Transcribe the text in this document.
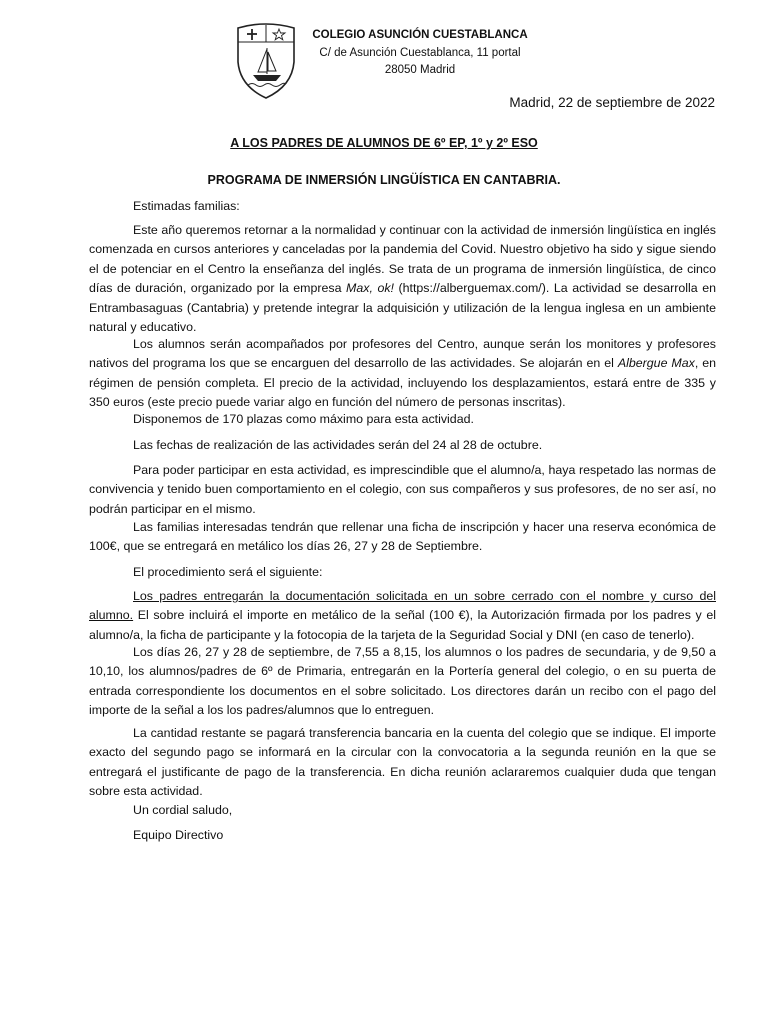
COLEGIO ASUNCIÓN CUESTABLANCA
C/ de Asunción Cuestablanca, 11 portal
28050 Madrid
Madrid, 22 de septiembre de 2022
A LOS PADRES DE ALUMNOS DE 6º EP, 1º y 2º ESO
PROGRAMA DE INMERSIÓN LINGÜÍSTICA EN CANTABRIA.

Estimadas familias:

Este año queremos retornar a la normalidad y continuar con la actividad de inmersión lingüística en inglés comenzada en cursos anteriores y canceladas por la pandemia del Covid. Nuestro objetivo ha sido y sigue siendo el de potenciar en el Centro la enseñanza del inglés. Se trata de un programa de inmersión lingüística, de cinco días de duración, organizado por la empresa Max, ok! (https://alberguemax.com/). La actividad se desarrolla en Entrambasaguas (Cantabria) y pretende integrar la adquisición y utilización de la lengua inglesa en un ambiente natural y educativo.

Los alumnos serán acompañados por profesores del Centro, aunque serán los monitores y profesores nativos del programa los que se encarguen del desarrollo de las actividades. Se alojarán en el Albergue Max, en régimen de pensión completa. El precio de la actividad, incluyendo los desplazamientos, estará entre de 335 y 350 euros (este precio puede variar algo en función del número de personas inscritas).

Disponemos de 170 plazas como máximo para esta actividad.

Las fechas de realización de las actividades serán del 24 al 28 de octubre.

Para poder participar en esta actividad, es imprescindible que el alumno/a, haya respetado las normas de convivencia y tenido buen comportamiento en el colegio, con sus compañeros y sus profesores, de no ser así, no podrán participar en el mismo.

Las familias interesadas tendrán que rellenar una ficha de inscripción y hacer una reserva económica de 100€, que se entregará en metálico los días 26, 27 y 28 de Septiembre.

El procedimiento será el siguiente:

Los padres entregarán la documentación solicitada en un sobre cerrado con el nombre y curso del alumno. El sobre incluirá el importe en metálico de la señal (100 €), la Autorización firmada por los padres y el alumno/a, la ficha de participante y la fotocopia de la tarjeta de la Seguridad Social y DNI (en caso de tenerlo).

Los días 26, 27 y 28 de septiembre, de 7,55 a 8,15, los alumnos o los padres de secundaria, y de 9,50 a 10,10, los alumnos/padres de 6º de Primaria, entregarán en la Portería general del colegio, o en su puerta de entrada correspondiente los documentos en el sobre solicitado. Los directores darán un recibo con el pago del importe de la señal a los los padres/alumnos que lo entreguen.

La cantidad restante se pagará transferencia bancaria en la cuenta del colegio que se indique. El importe exacto del segundo pago se informará en la circular con la convocatoria a la segunda reunión en la que se entregará el justificante de pago de la transferencia. En dicha reunión aclararemos cualquier duda que tengan sobre esta actividad.

Un cordial saludo,

Equipo Directivo
